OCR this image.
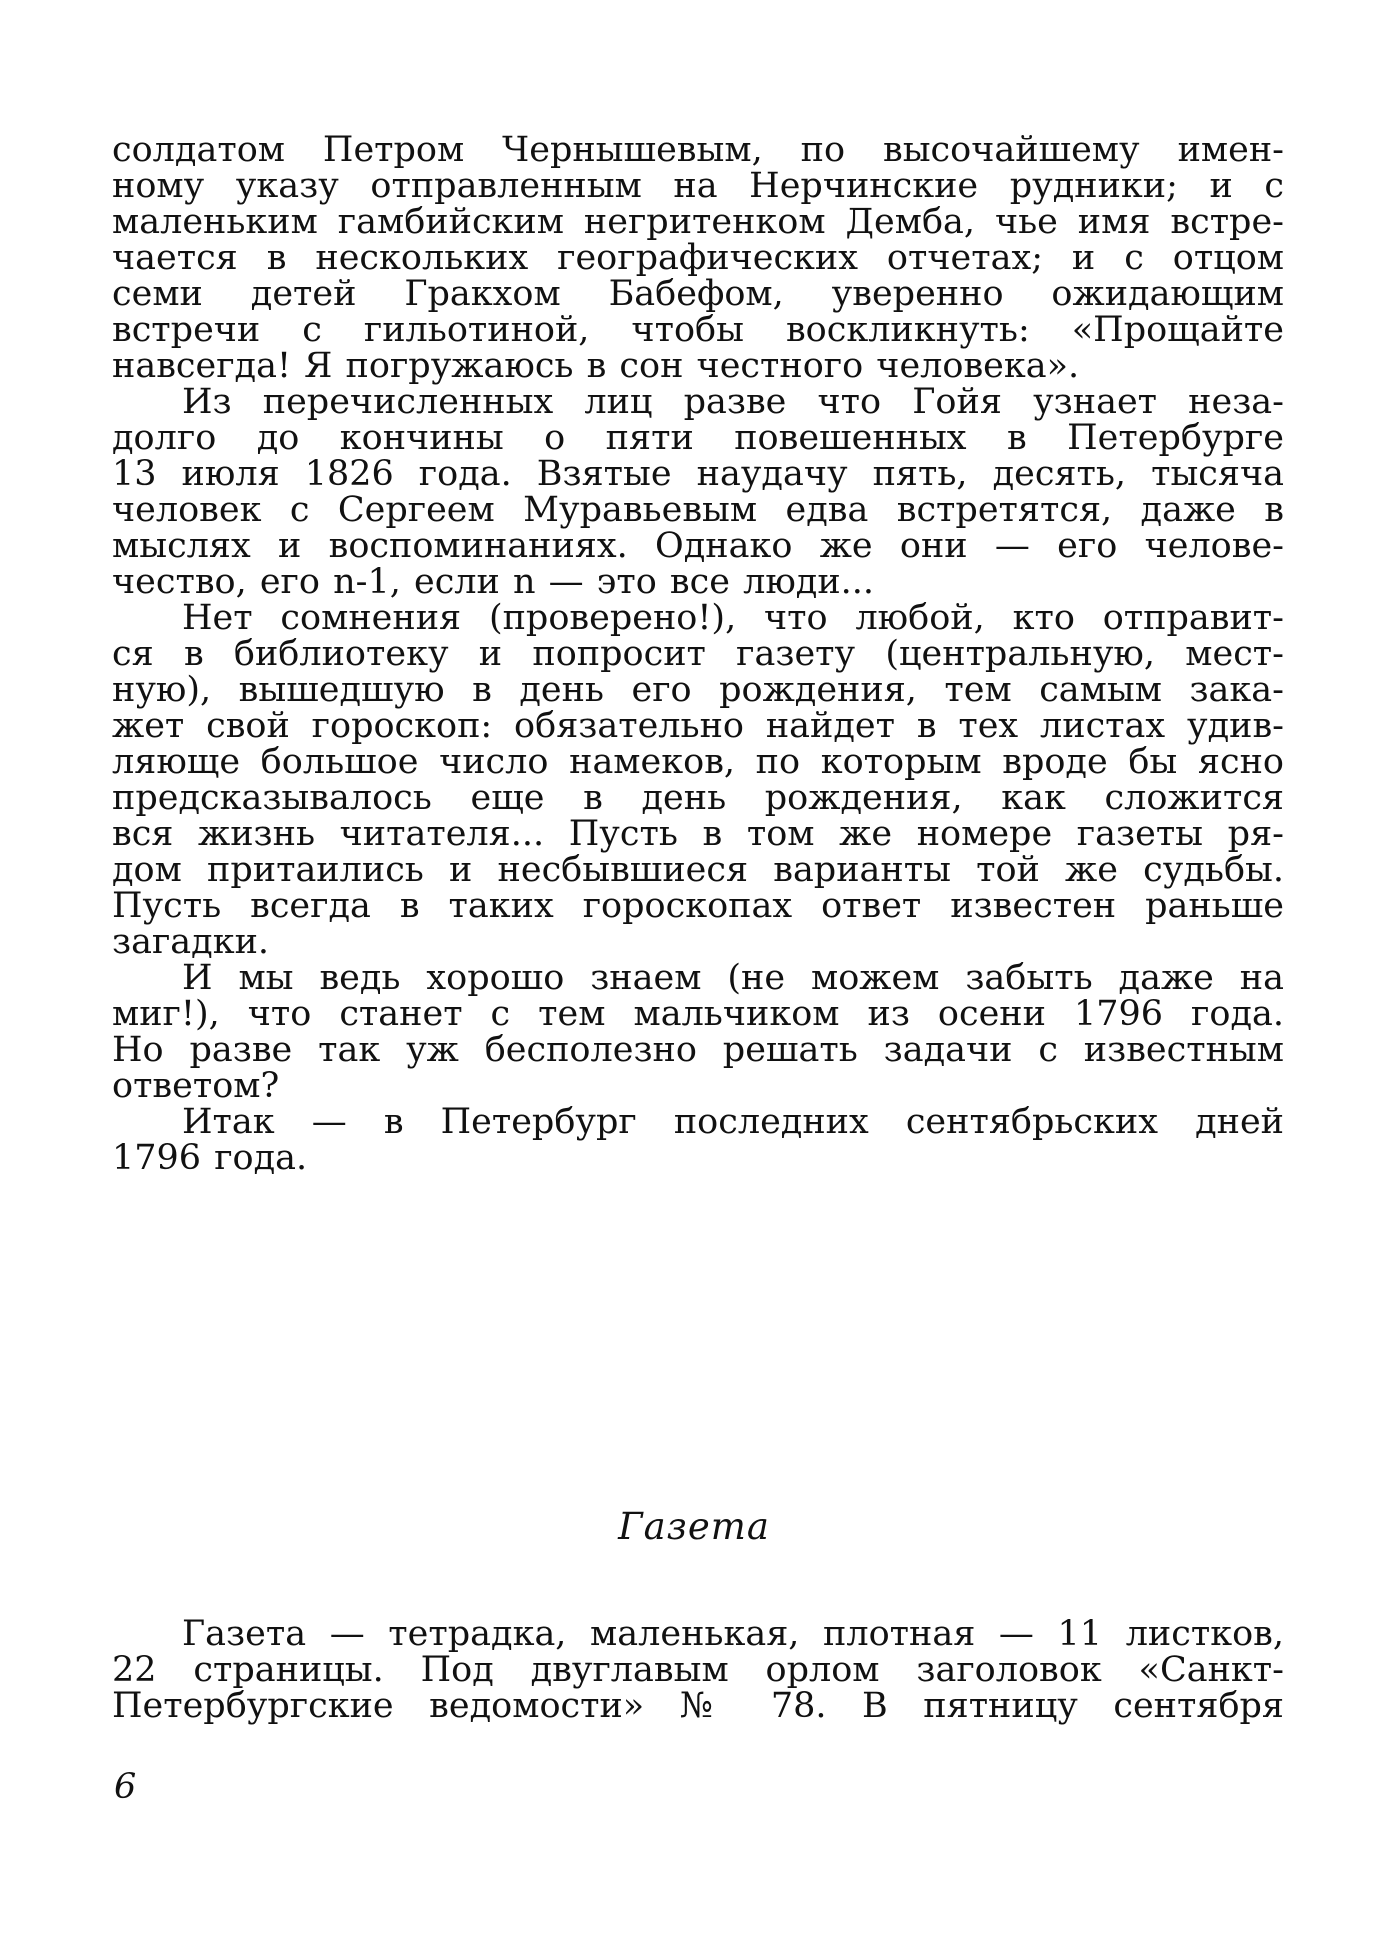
солдатом Петром Чернышевым, по высочайшему имен-
ному указу отправленным на Нерчинские рудники; и с
маленьким гамбийским негритенком Демба, чье имя встре-
чается в нескольких географических отчетах; и с отцом
семи детей Гракхом Бабефом, уверенно ожидающим
встречи с гильотиной, чтобы воскликнуть: «Прощайте
навсегда! Я погружаюсь в сон честного человека».
Из перечисленных лиц разве что Гойя узнает неза-
долго до кончины о пяти повешенных в Петербурге
13 июля 1826 года. Взятые наудачу пять, десять, тысяча
человек с Сергеем Муравьевым едва встретятся, даже в
мыслях и воспоминаниях. Однако же они — его челове-
чество, его n-1, если n — это все люди...
Нет сомнения (проверено!), что любой, кто отправит-
ся в библиотеку и попросит газету (центральную, мест-
ную), вышедшую в день его рождения, тем самым зака-
жет свой гороскоп: обязательно найдет в тех листах удив-
ляюще большое число намеков, по которым вроде бы ясно
предсказывалось еще в день рождения, как сложится
вся жизнь читателя... Пусть в том же номере газеты ря-
дом притаились и несбывшиеся варианты той же судьбы.
Пусть всегда в таких гороскопах ответ известен раньше
загадки.
И мы ведь хорошо знаем (не можем забыть даже на
миг!), что станет с тем мальчиком из осени 1796 года.
Но разве так уж бесполезно решать задачи с известным
ответом?
Итак — в Петербург последних сентябрьских дней
1796 года.
Газета
Газета — тетрадка, маленькая, плотная — 11 листков,
22 страницы. Под двуглавым орлом заголовок «Санкт-
Петербургские ведомости» № 78. В пятницу сентября
6
